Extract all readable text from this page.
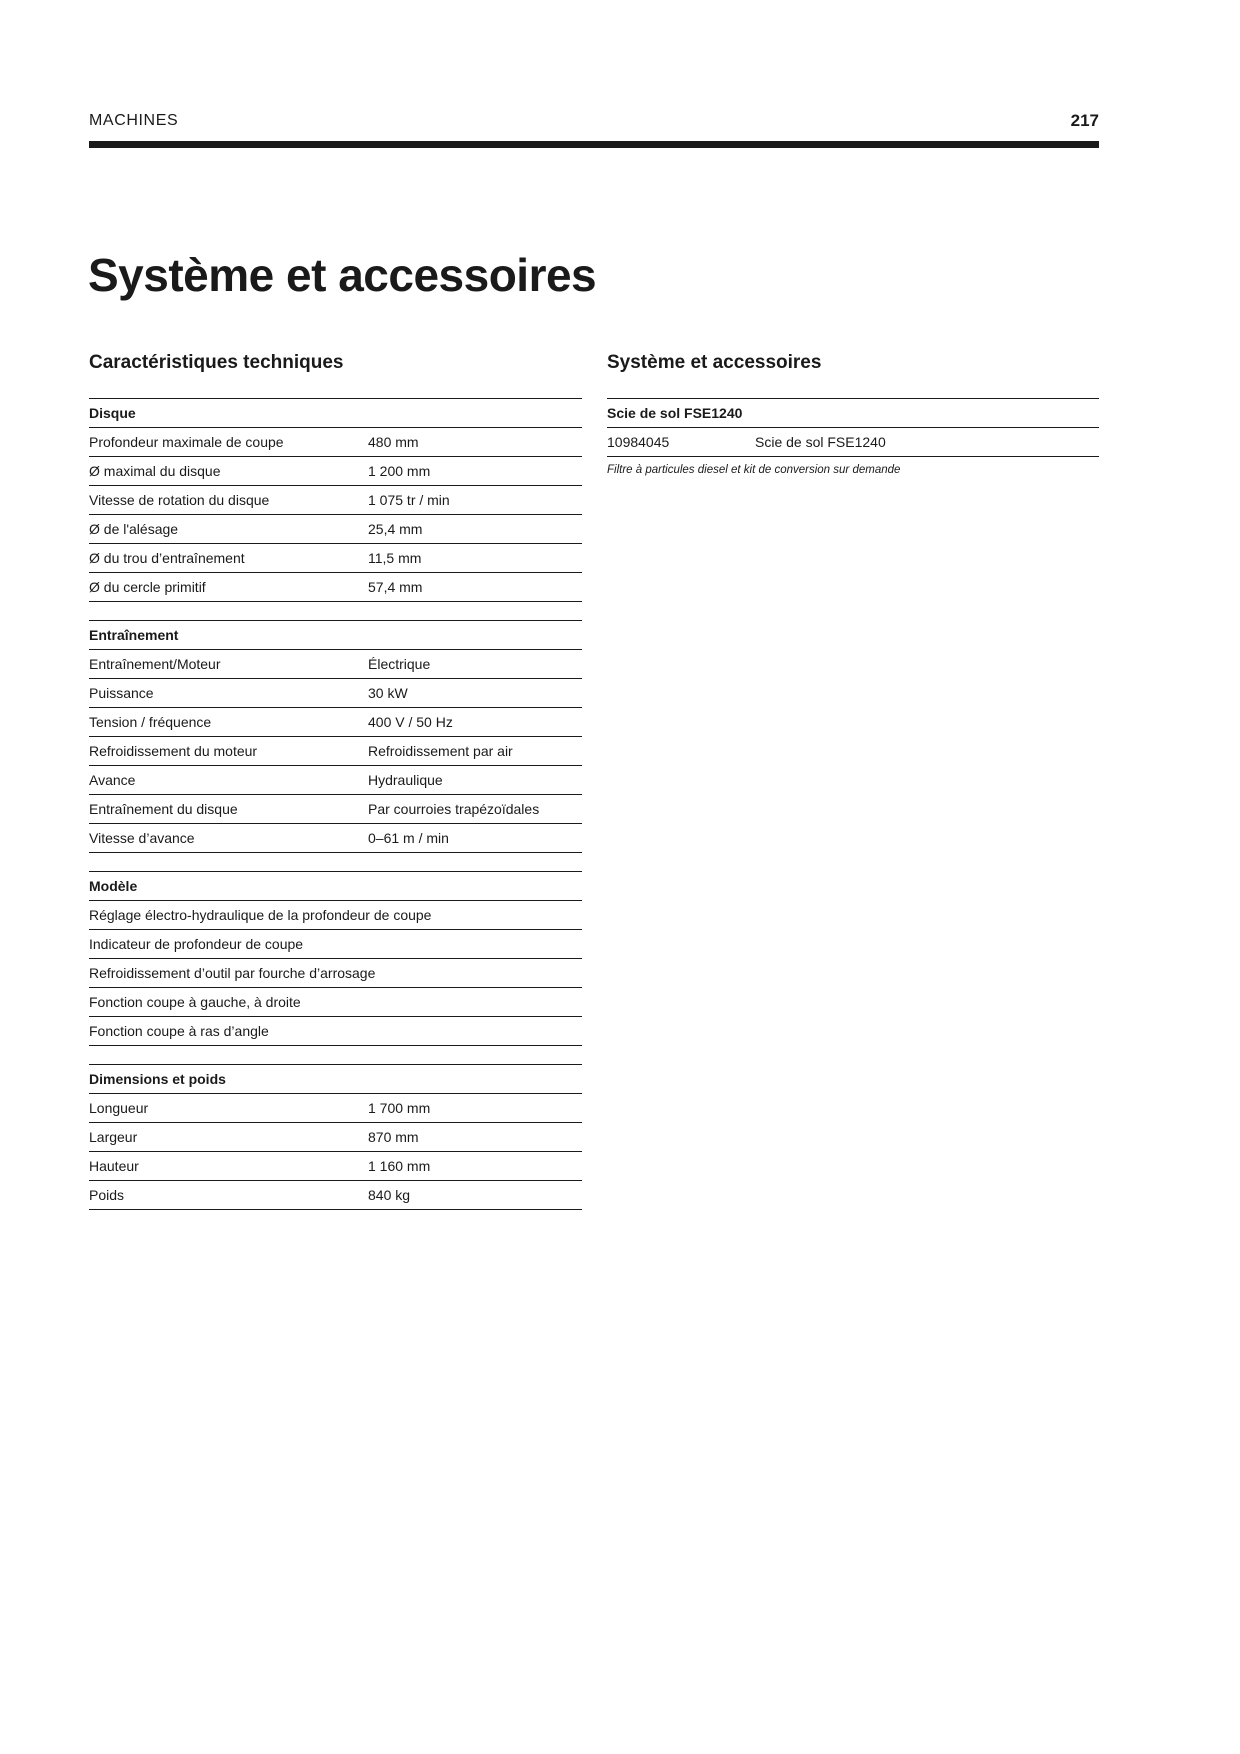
MACHINES	217
Système et accessoires
Caractéristiques techniques
Disque
Profondeur maximale de coupe	480 mm
Ø maximal du disque	1 200 mm
Vitesse de rotation du disque	1 075 tr / min
Ø de l'alésage	25,4 mm
Ø du trou d’entraînement	11,5 mm
Ø du cercle primitif	57,4 mm
Entraînement
Entraînement/Moteur	Électrique
Puissance	30 kW
Tension / fréquence	400 V / 50 Hz
Refroidissement du moteur	Refroidissement par air
Avance	Hydraulique
Entraînement du disque	Par courroies trapézoïdales
Vitesse d’avance	0–61 m / min
Modèle
Réglage électro-hydraulique de la profondeur de coupe
Indicateur de profondeur de coupe
Refroidissement d’outil par fourche d’arrosage
Fonction coupe à gauche, à droite
Fonction coupe à ras d’angle
Dimensions et poids
Longueur	1 700 mm
Largeur	870 mm
Hauteur	1 160 mm
Poids	840 kg
Système et accessoires
Scie de sol FSE1240
10984045	Scie de sol FSE1240
Filtre à particules diesel et kit de conversion sur demande
